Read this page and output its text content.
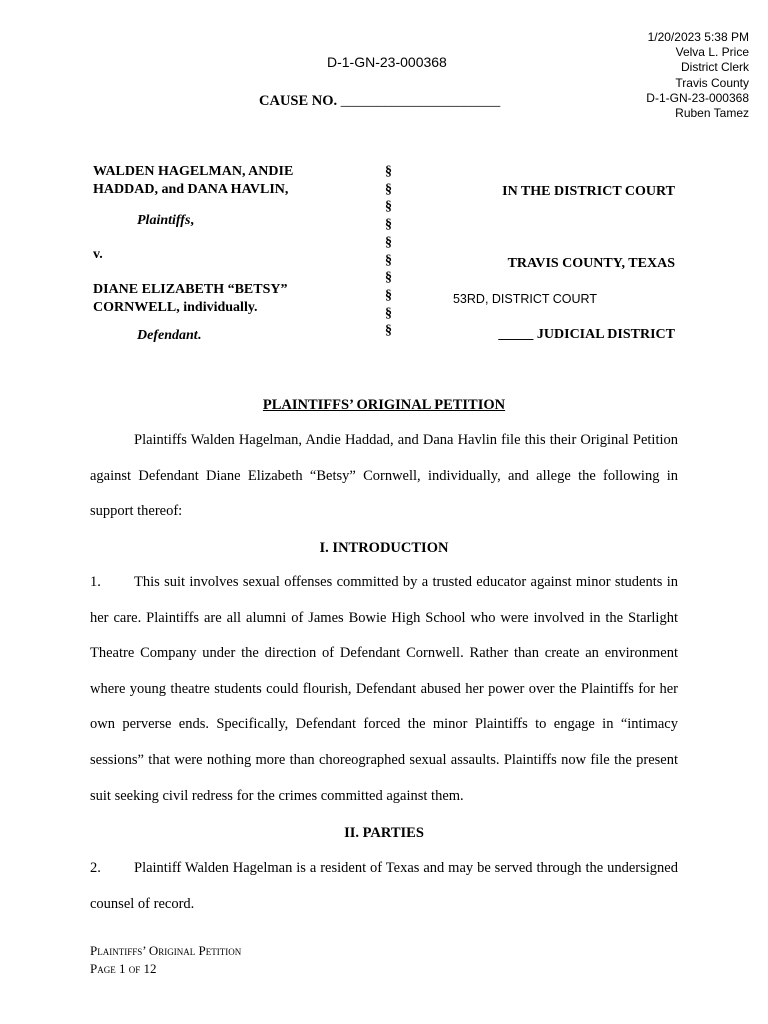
1/20/2023 5:38 PM
Velva L. Price
District Clerk
Travis County
D-1-GN-23-000368
Ruben Tamez
D-1-GN-23-000368
CAUSE NO. ______________________
WALDEN HAGELMAN, ANDIE
HADDAD, and DANA HAVLIN,
Plaintiffs,
v.
DIANE ELIZABETH “BETSY”
CORNWELL, individually.
Defendant.
§
§
§
§
§
§
§
§
§
§
IN THE DISTRICT COURT
TRAVIS COUNTY, TEXAS
53RD, DISTRICT COURT
_____ JUDICIAL DISTRICT
PLAINTIFFS’ ORIGINAL PETITION
Plaintiffs Walden Hagelman, Andie Haddad, and Dana Havlin file this their Original Petition against Defendant Diane Elizabeth “Betsy” Cornwell, individually, and allege the following in support thereof:
I. INTRODUCTION
1. This suit involves sexual offenses committed by a trusted educator against minor students in her care. Plaintiffs are all alumni of James Bowie High School who were involved in the Starlight Theatre Company under the direction of Defendant Cornwell. Rather than create an environment where young theatre students could flourish, Defendant abused her power over the Plaintiffs for her own perverse ends. Specifically, Defendant forced the minor Plaintiffs to engage in “intimacy sessions” that were nothing more than choreographed sexual assaults. Plaintiffs now file the present suit seeking civil redress for the crimes committed against them.
II. PARTIES
2. Plaintiff Walden Hagelman is a resident of Texas and may be served through the undersigned counsel of record.
Plaintiffs’ Original Petition
Page 1 of 12
